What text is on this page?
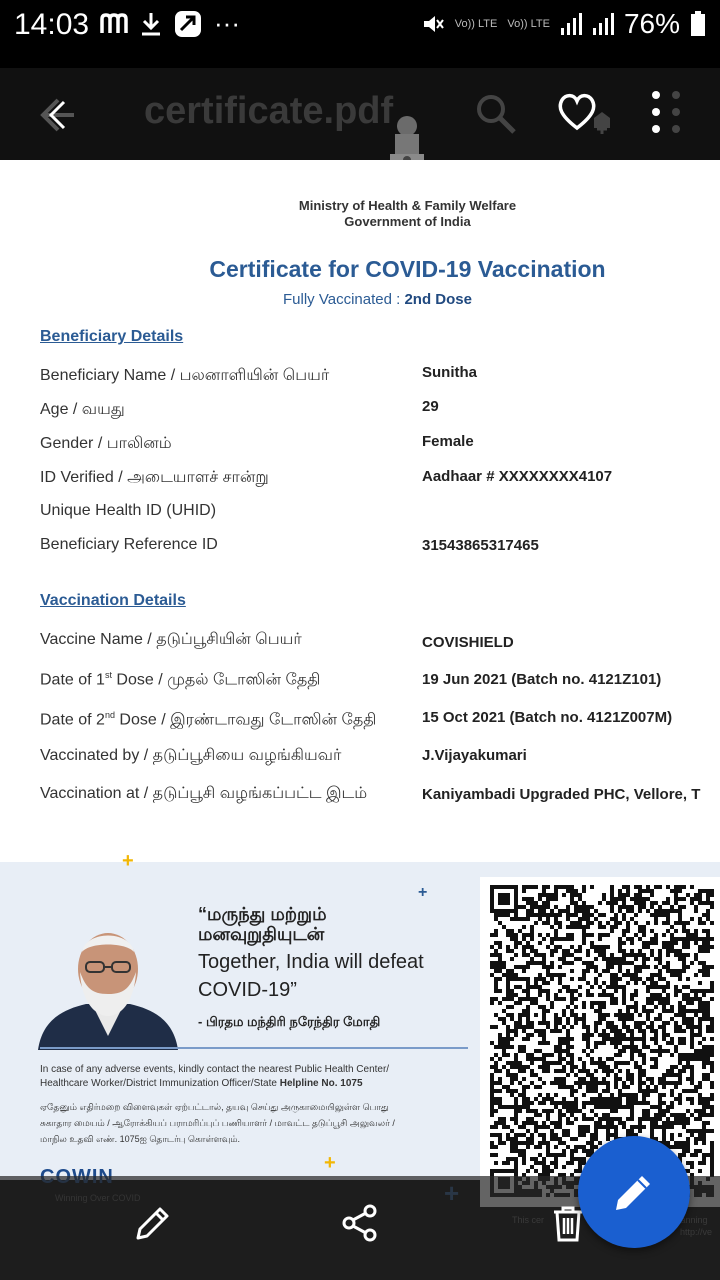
14:03	···	Vo)) LTE Vo)) LTE	76%
certificate.pdf
Ministry of Health & Family Welfare
Government of India
Certificate for COVID-19 Vaccination
Fully Vaccinated : 2nd Dose
Beneficiary Details
Beneficiary Name / பலனாளியின் பெயர்	Sunitha
Age / வயது	29
Gender / பாலினம்	Female
ID Verified / அடையாளச் சான்று	Aadhaar # XXXXXXXX4107
Unique Health ID (UHID)
Beneficiary Reference ID	31543865317465
Vaccination Details
Vaccine Name / தடுப்பூசியின் பெயர்	COVISHIELD
Date of 1st Dose / முதல் டோஸின் தேதி	19 Jun 2021 (Batch no. 4121Z101)
Date of 2nd Dose / இரண்டாவது டோஸின் தேதி	15 Oct 2021 (Batch no. 4121Z007M)
Vaccinated by / தடுப்பூசியை வழங்கியவர்	J.Vijayakumari
Vaccination at / தடுப்பூசி வழங்கப்பட்ட இடம்	Kaniyambadi Upgraded PHC, Vellore, T
+
+
+
“மருந்து மற்றும்
மனவுறுதியுடன்
Together, India will defeat
COVID-19”
- பிரதம மந்திரி நரேந்திர மோதி
In case of any adverse events, kindly contact the nearest Public Health Center/
Healthcare Worker/District Immunization Officer/State Helpline No. 1075
ஏதேனும் எதிர்மறை விளைவுகள் ஏற்பட்டால், தயவு செய்து அருகாமையிலுள்ள பொது
சுகாதார மையம் / ஆரோக்கியப் பராமரிப்புப் பணியாளர் / மாவட்ட தடுப்பூசி அலுவலர் /
மாநில உதவி எண். 1075ஐ தொடர்பு கொள்ளவும்.
